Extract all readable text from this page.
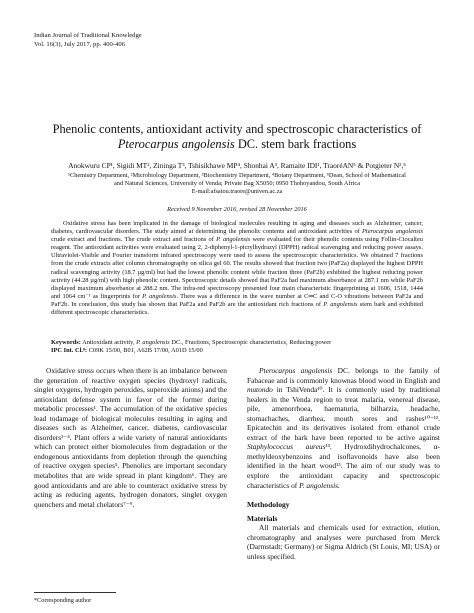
Indian Journal of Traditional Knowledge
Vol. 16(3), July 2017, pp. 400-406
Phenolic contents, antioxidant activity and spectroscopic characteristics of
Pterocarpus angolensis DC. stem bark fractions
Anokwuru CP¹, Sigidi MT², Zininga T³, Tshisikhawe MP⁴, Shonhai A³, Ramaite IDI¹, TraoréAN⁵ & Potgieter N²,⁵
¹Chemistry Department, ²Microbiology Department, ³Biochemistry Department, ⁴Botany Department, ⁵Dean, School of Mathematical
and Natural Sciences, University of Venda; Private Bag X5050; 0950 Thohoyandou, South Africa
E-mail:afsatou.traore@univen.ac.za
Received 9 November 2016, revised 28 November 2016
Oxidative stress has been implicated in the damage of biological molecules resulting in aging and diseases such as Alzheimer, cancer, diabetes, cardiovascular disorders. The study aimed at determining the phenolic contents and antioxidant activities of Pterocarpus angolensis crude extract and fractions. The crude extract and fractions of P. angolensis were evaluated for their phenolic contents using Follin-Ciocalteu reagent. The antioxidant activities were evaluated using 2, 2-diphenyl-1-picrylhydrazyl (DPPH) radical scavenging and reducing power assays. Ultraviolet-Visible and Fourier transform infrared spectroscopy were used to assess the spectroscopic characteristics. We obtained 7 fractions from the crude extracts after column chromatography on silica gel 60. The results showed that fraction two (PaF2a) displayed the highest DPPH radical scavenging activity (18.7 µg/ml) but had the lowest phenolic content while fraction three (PaF2b) exhibited the highest reducing power activity (44.28 µg/ml) with high phenolic content. Spectroscopic details showed that PaF2a had maximum absorbance at 287.1 nm while PaF2b displayed maximum absorbance at 288.2 nm. The infra-red spectroscopy presented four main characteristic fingerprinting at 1606, 1518, 1444 and 1064 cm⁻¹ as fingerprints for P. angolensis. There was a difference in the wave number at C═C and C-O vibrations between PaF2a and PaF2b. In conclusion, this study has shown that PaF2a and PaF2b are the antioxidant rich fractions of P. angolensis stem bark and exhibited different spectroscopic characteristics.
Keywords: Antioxidant activity, P. angolensis DC., Fractions, Spectroscopic characteristics, Reducing power
IPC Int. Cl.⁸: C09K 15/00, B01, A62B 17/00, A01D 15/00

Oxidative stress occurs when there is an imbalance between the generation of reactive oxygen species (hydroxyl radicals, singlet oxygens, hydrogen peroxides, superoxide anions) and the antioxidant defense system in favor of the former during metabolic processes¹. The accumulation of the oxidative species lead todamage of biological molecules resulting in aging and diseases such as Alzheimer, cancer, diabetes, cardiovascular disorders²⁻⁴. Plant offers a wide variety of natural antioxidants which can protect either biomolecules from degradation or the endogenous antioxidants from depletion through the quenching of reactive oxygen species⁵. Phenolics are important secondary metabolites that are wide spread in plant kingdom⁶. They are good antioxidants and are able to counteract oxidative stress by acting as reducing agents, hydrogen donators, singlet oxygen quenchers and metal chelators⁷⁻⁹.

Pterocarpus angolensis DC. belongs to the family of Fabaceae and is commonly knownas blood wood in English and mutondo in TshiVenda¹⁰. It is commonly used by traditional healers in the Venda region to treat malaria, venereal disease, pile, amenorrhoea, haematuria, bilharzia, headache, stomachaches, diarrhea, mouth sores and rashes¹⁰⁻¹². Epicatechin and its derivatives isolated from ethanol crude extract of the bark have been reported to be active against Staphylococcus aureus¹³. Hydroxdihydrochalcones, α-methyldeoxybenzoins and isoflavonoids have also been identified in the heart wood¹³. The aim of our study was to explore the antioxidant capacity and spectroscopic characteristics of P. angolensis.

Methodology
Materials

All materials and chemicals used for extraction, elution, chromatography and analyses were purchased from Merck (Darmstadt; Germany) or Sigma Aldrich (St Louis, MI; USA) or unless specified.

*Corresponding author
